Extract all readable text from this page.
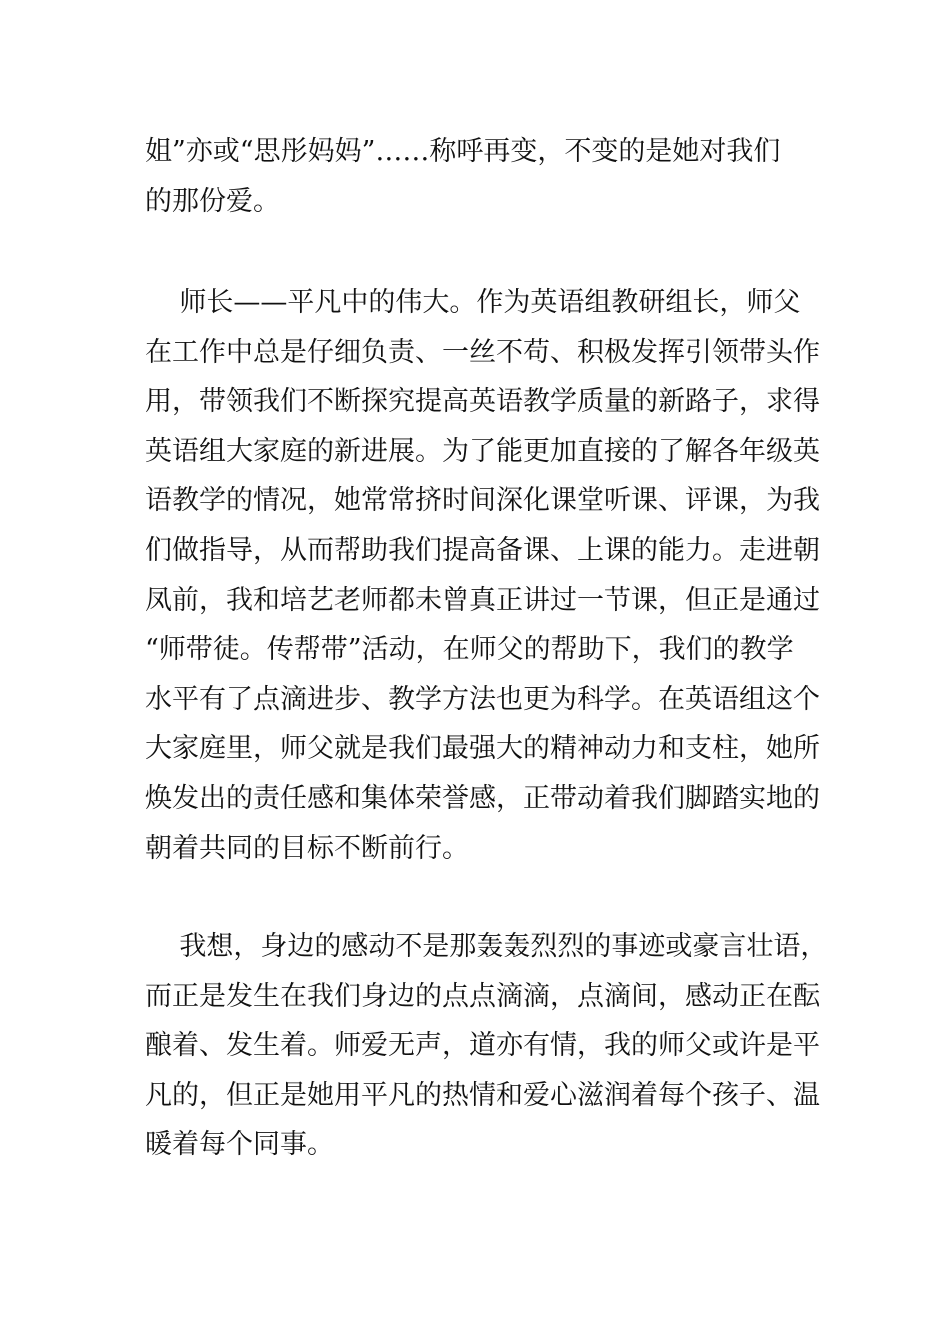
姐”亦或“思彤妈妈”……称呼再变，不变的是她对我们
的那份爱。
师长——平凡中的伟大。作为英语组教研组长，师父
在工作中总是仔细负责、一丝不苟、积极发挥引领带头作
用，带领我们不断探究提高英语教学质量的新路子，求得
英语组大家庭的新进展。为了能更加直接的了解各年级英
语教学的情况，她常常挤时间深化课堂听课、评课，为我
们做指导，从而帮助我们提高备课、上课的能力。走进朝
凤前，我和培艺老师都未曾真正讲过一节课，但正是通过
“师带徒。传帮带”活动，在师父的帮助下，我们的教学
水平有了点滴进步、教学方法也更为科学。在英语组这个
大家庭里，师父就是我们最强大的精神动力和支柱，她所
焕发出的责任感和集体荣誉感，正带动着我们脚踏实地的
朝着共同的目标不断前行。
我想，身边的感动不是那轰轰烈烈的事迹或豪言壮语，
而正是发生在我们身边的点点滴滴，点滴间，感动正在酝
酿着、发生着。师爱无声，道亦有情，我的师父或许是平
凡的，但正是她用平凡的热情和爱心滋润着每个孩子、温
暖着每个同事。
